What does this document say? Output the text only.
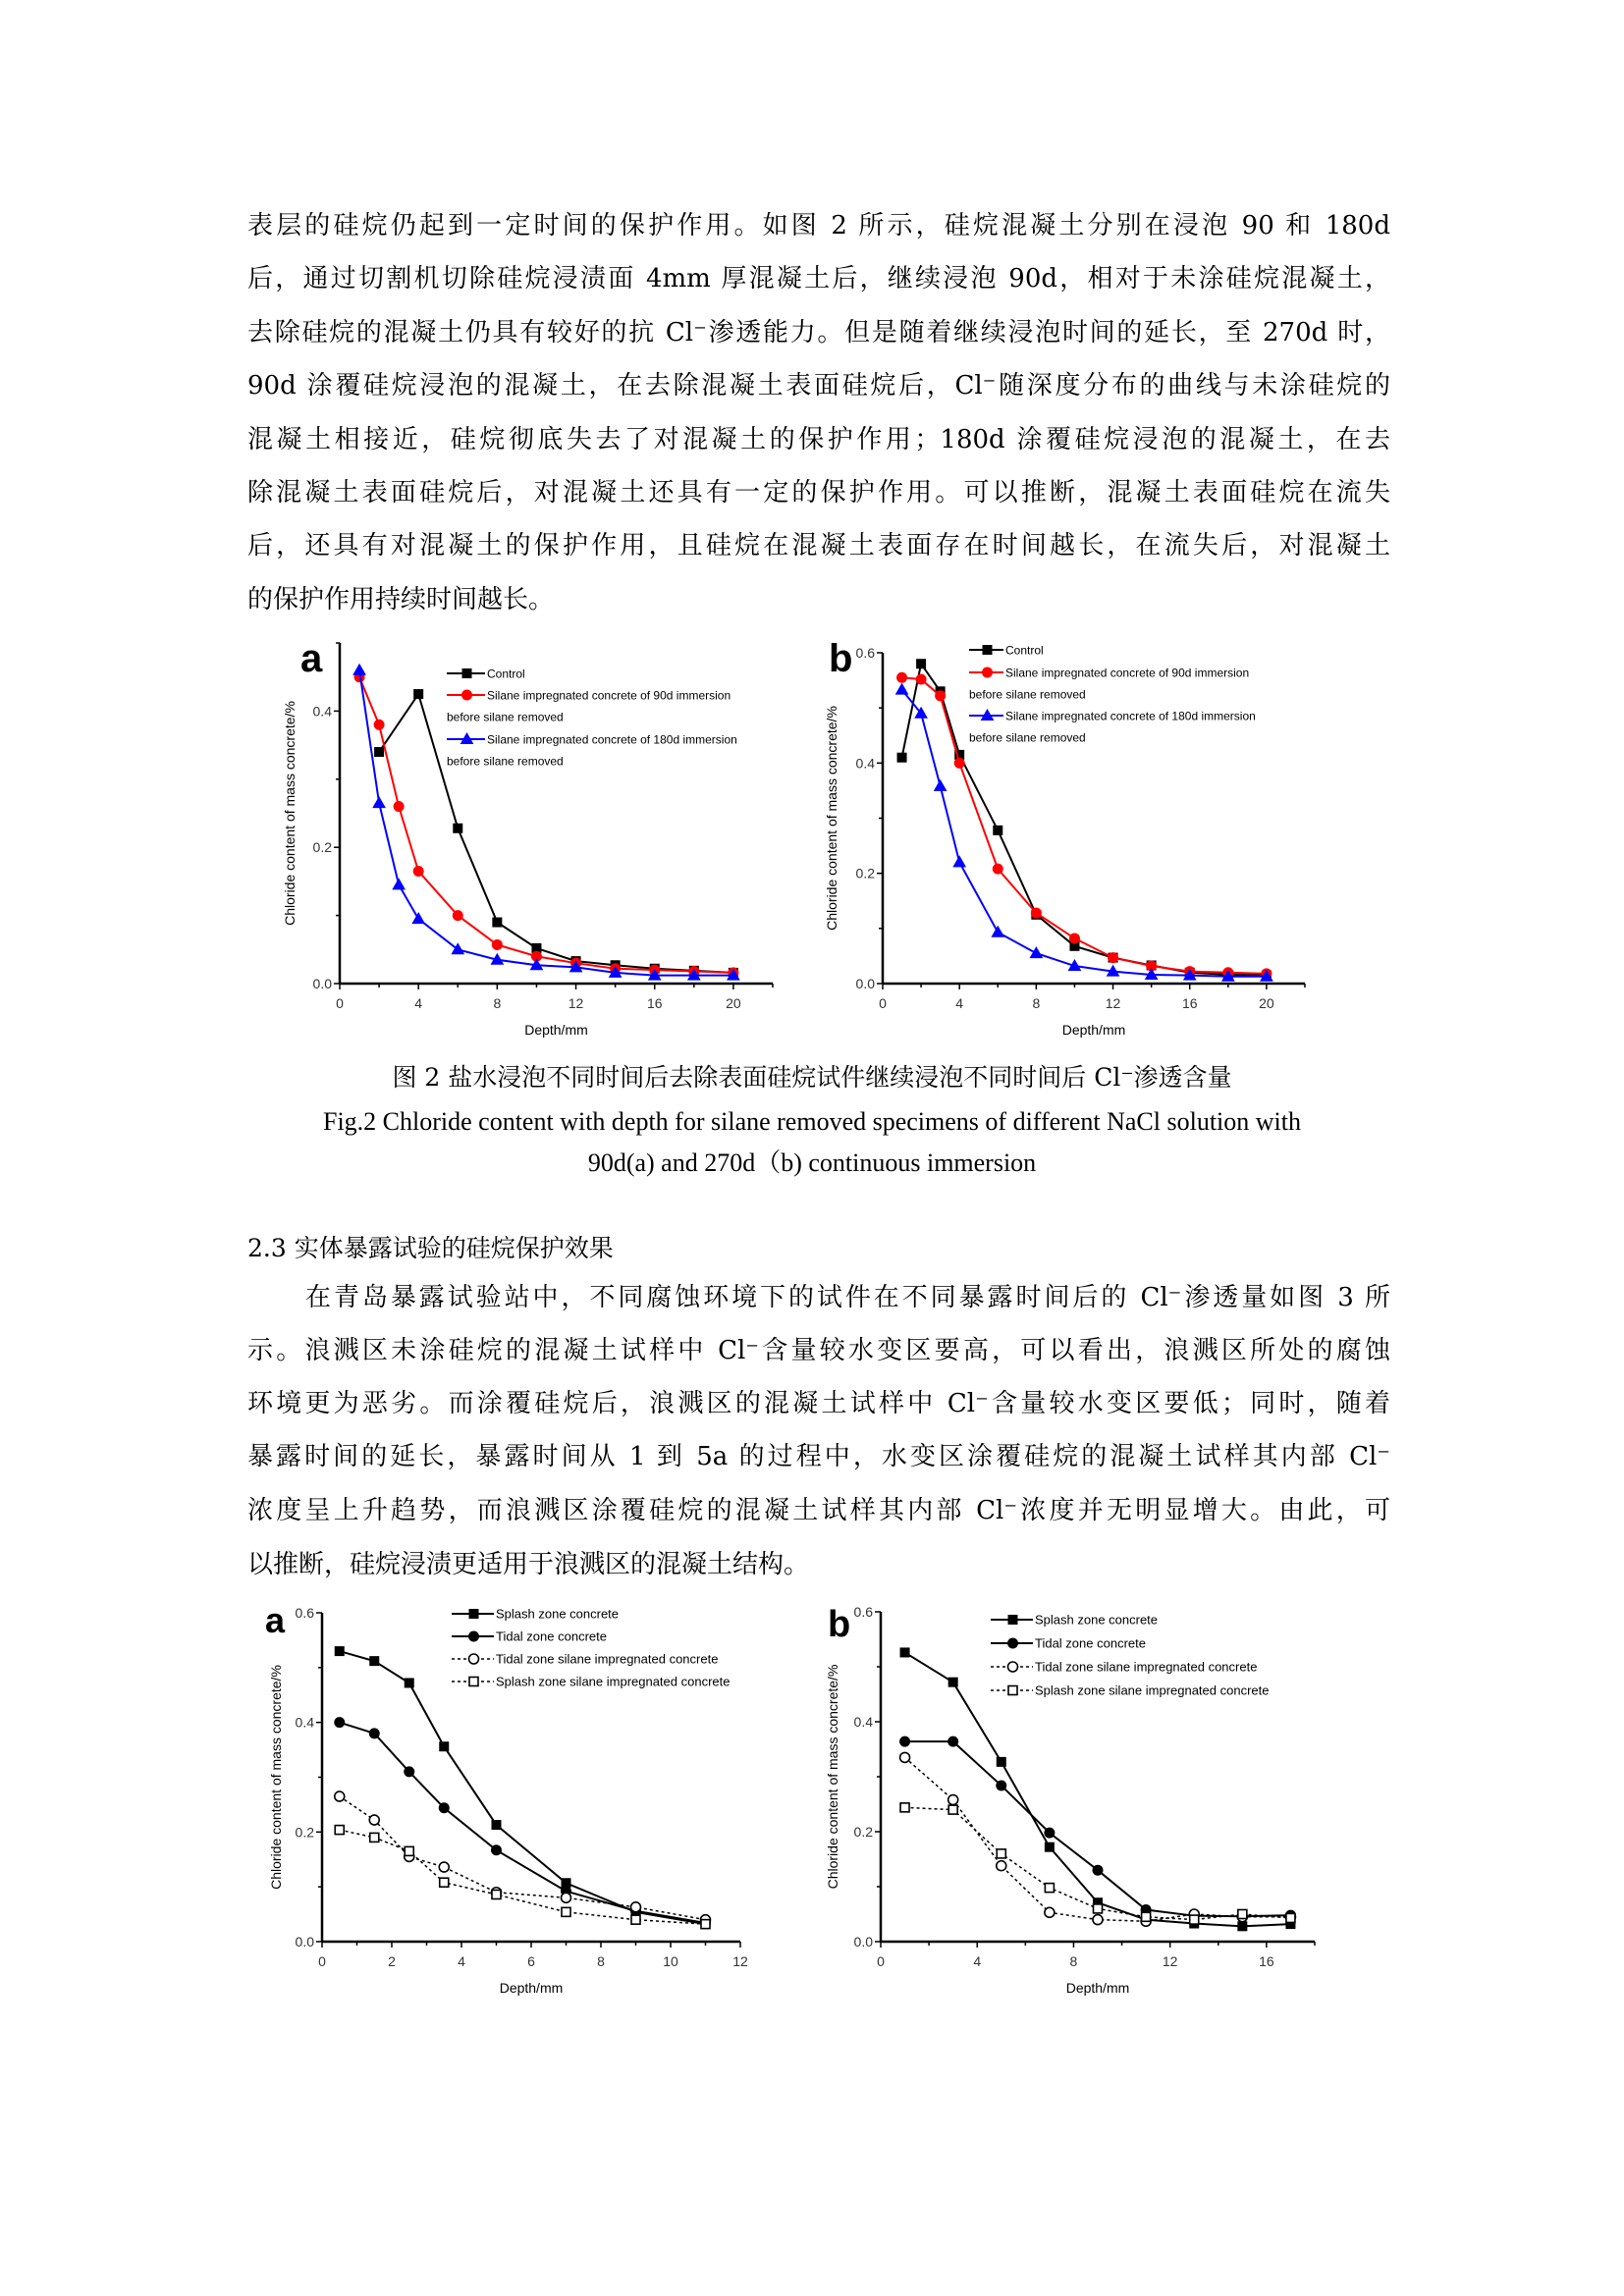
表层的硅烷仍起到一定时间的保护作用。如图 2 所示，硅烷混凝土分别在浸泡 90 和 180d
后，通过切割机切除硅烷浸渍面 4mm 厚混凝土后，继续浸泡 90d，相对于未涂硅烷混凝土，
去除硅烷的混凝土仍具有较好的抗 Cl⁻渗透能力。但是随着继续浸泡时间的延长，至 270d 时，
90d 涂覆硅烷浸泡的混凝土，在去除混凝土表面硅烷后，Cl⁻随深度分布的曲线与未涂硅烷的
混凝土相接近，硅烷彻底失去了对混凝土的保护作用；180d 涂覆硅烷浸泡的混凝土，在去
除混凝土表面硅烷后，对混凝土还具有一定的保护作用。可以推断，混凝土表面硅烷在流失
后，还具有对混凝土的保护作用，且硅烷在混凝土表面存在时间越长，在流失后，对混凝土
的保护作用持续时间越长。
图 2 盐水浸泡不同时间后去除表面硅烷试件继续浸泡不同时间后 Cl⁻渗透含量
Fig.2 Chloride content with depth for silane removed specimens of different NaCl solution with
90d(a) and 270d（b) continuous immersion
2.3 实体暴露试验的硅烷保护效果
在青岛暴露试验站中，不同腐蚀环境下的试件在不同暴露时间后的 Cl⁻渗透量如图 3 所
示。浪溅区未涂硅烷的混凝土试样中 Cl⁻含量较水变区要高，可以看出，浪溅区所处的腐蚀
环境更为恶劣。而涂覆硅烷后，浪溅区的混凝土试样中 Cl⁻含量较水变区要低；同时，随着
暴露时间的延长，暴露时间从 1 到 5a 的过程中，水变区涂覆硅烷的混凝土试样其内部 Cl⁻
浓度呈上升趋势，而浪溅区涂覆硅烷的混凝土试样其内部 Cl⁻浓度并无明显增大。由此，可
以推断，硅烷浸渍更适用于浪溅区的混凝土结构。
0	4	8	12	16	20
0.0
0.2
0.4
Depth/mm
Chloride content of mass concrete/%
a	Control
Silane impregnated concrete of 90d immersion
before silane removed
Silane impregnated concrete of 180d immersion
before silane removed
0	4	8	12	16	20
0.0
0.2
0.4
0.6
Depth/mm
Chloride content of mass concrete/%
b	Control
Silane impregnated concrete of 90d immersion
before silane removed
Silane impregnated concrete of 180d immersion
before silane removed
0	2	4	6	8	10	12
0.0
0.2
0.4
0.6
Depth/mm
Chloride content of mass concrete/%
a	Splash zone concrete
Tidal zone concrete
Tidal zone silane impregnated concrete
Splash zone silane impregnated concrete
0	4	8	12	16
0.0
0.2
0.4
0.6
Depth/mm
Chloride content of mass concrete/%
b	Splash zone concrete
Tidal zone concrete
Tidal zone silane impregnated concrete
Splash zone silane impregnated concrete
